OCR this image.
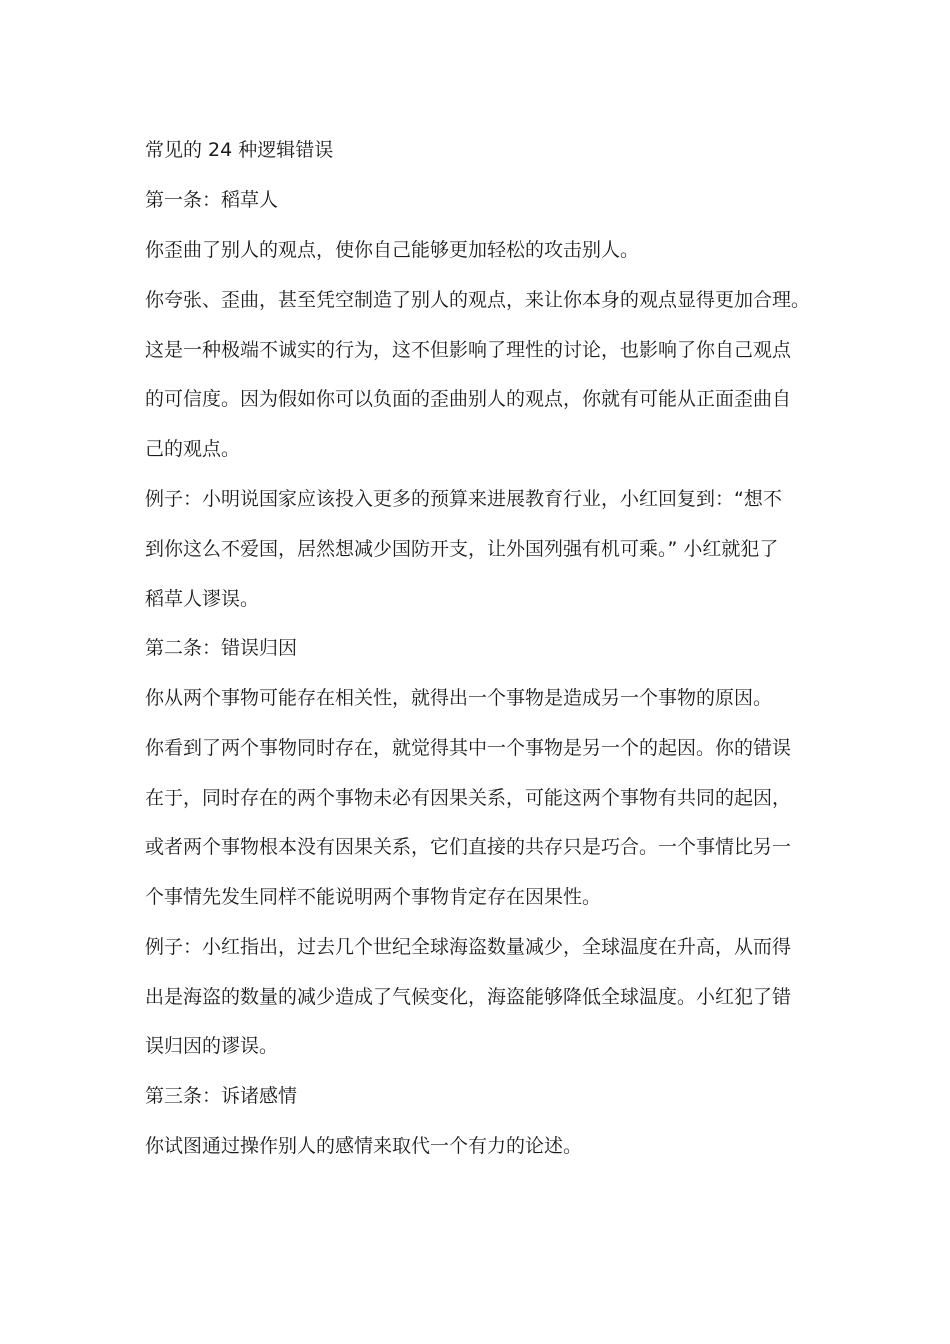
常见的 24 种逻辑错误
第一条：稻草人
你歪曲了别人的观点，使你自己能够更加轻松的攻击别人。
你夸张、歪曲，甚至凭空制造了别人的观点，来让你本身的观点显得更加合理。
这是一种极端不诚实的行为，这不但影响了理性的讨论，也影响了你自己观点
的可信度。因为假如你可以负面的歪曲别人的观点，你就有可能从正面歪曲自
己的观点。
例子：小明说国家应该投入更多的预算来进展教育行业，小红回复到：“想不
到你这么不爱国，居然想减少国防开支，让外国列强有机可乘。” 小红就犯了
稻草人谬误。
第二条：错误归因
你从两个事物可能存在相关性，就得出一个事物是造成另一个事物的原因。
你看到了两个事物同时存在，就觉得其中一个事物是另一个的起因。你的错误
在于，同时存在的两个事物未必有因果关系，可能这两个事物有共同的起因，
或者两个事物根本没有因果关系，它们直接的共存只是巧合。一个事情比另一
个事情先发生同样不能说明两个事物肯定存在因果性。
例子：小红指出，过去几个世纪全球海盗数量减少，全球温度在升高，从而得
出是海盗的数量的减少造成了气候变化，海盗能够降低全球温度。小红犯了错
误归因的谬误。
第三条：诉诸感情
你试图通过操作别人的感情来取代一个有力的论述。
